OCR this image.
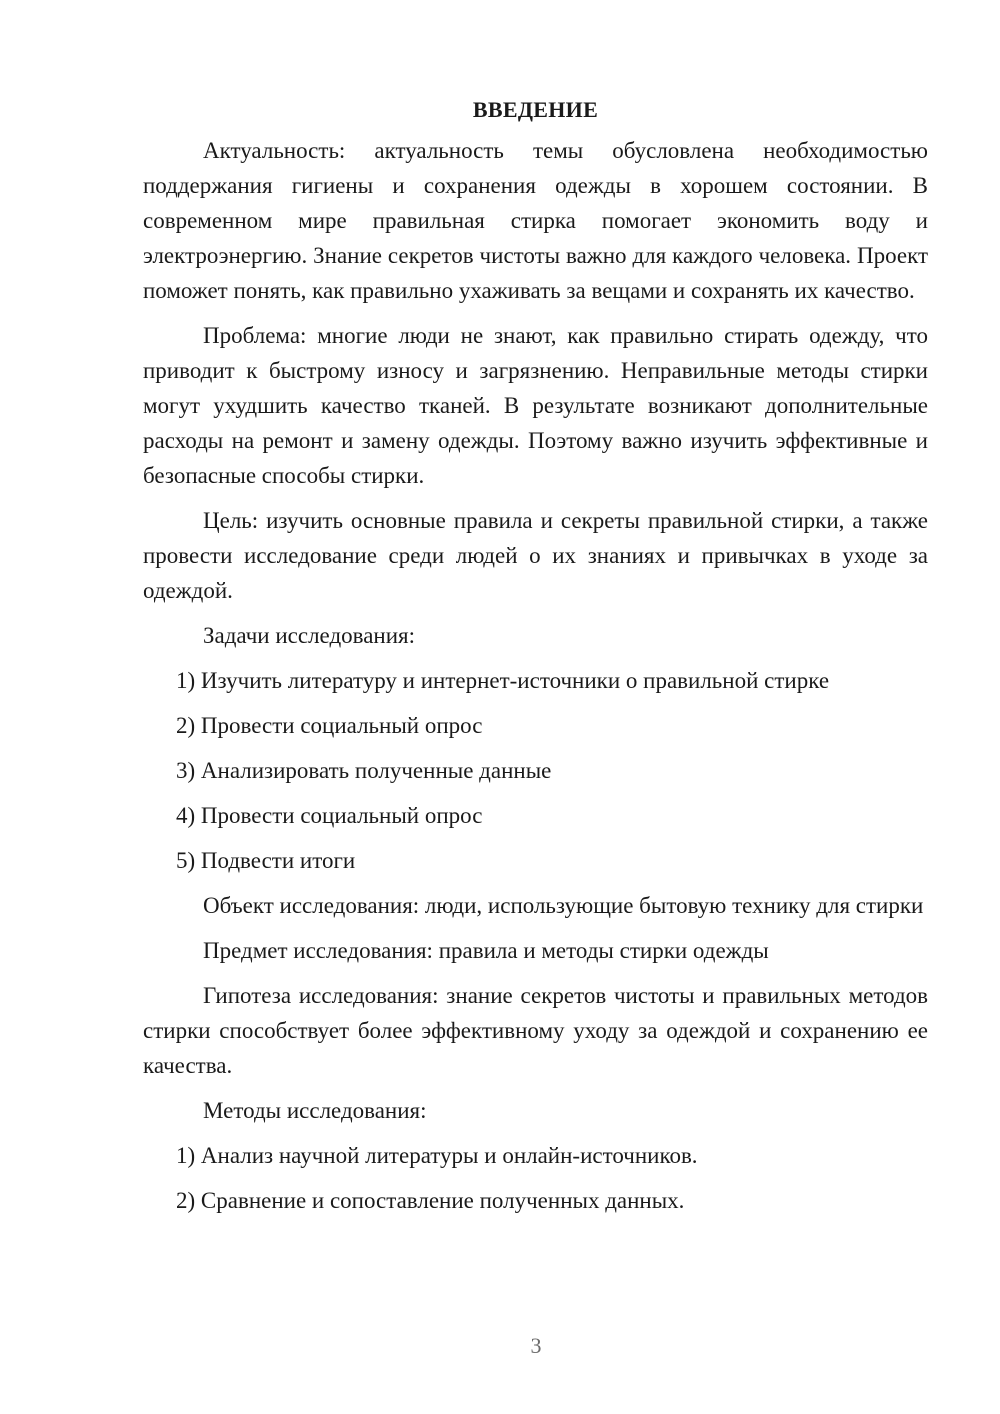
ВВЕДЕНИЕ

Актуальность: актуальность темы обусловлена необходимостью поддержания гигиены и сохранения одежды в хорошем состоянии. В современном мире правильная стирка помогает экономить воду и электроэнергию. Знание секретов чистоты важно для каждого человека. Проект поможет понять, как правильно ухаживать за вещами и сохранять их качество.

Проблема: многие люди не знают, как правильно стирать одежду, что приводит к быстрому износу и загрязнению. Неправильные методы стирки могут ухудшить качество тканей. В результате возникают дополнительные расходы на ремонт и замену одежды. Поэтому важно изучить эффективные и безопасные способы стирки.

Цель: изучить основные правила и секреты правильной стирки, а также провести исследование среди людей о их знаниях и привычках в уходе за одеждой.

Задачи исследования:

1) Изучить литературу и интернет-источники о правильной стирке
2) Провести социальный опрос
3) Анализировать полученные данные
4) Провести социальный опрос
5) Подвести итоги

Объект исследования: люди, использующие бытовую технику для стирки

Предмет исследования: правила и методы стирки одежды

Гипотеза исследования: знание секретов чистоты и правильных методов стирки способствует более эффективному уходу за одеждой и сохранению ее качества.

Методы исследования:

1) Анализ научной литературы и онлайн-источников.
2) Сравнение и сопоставление полученных данных.
3
